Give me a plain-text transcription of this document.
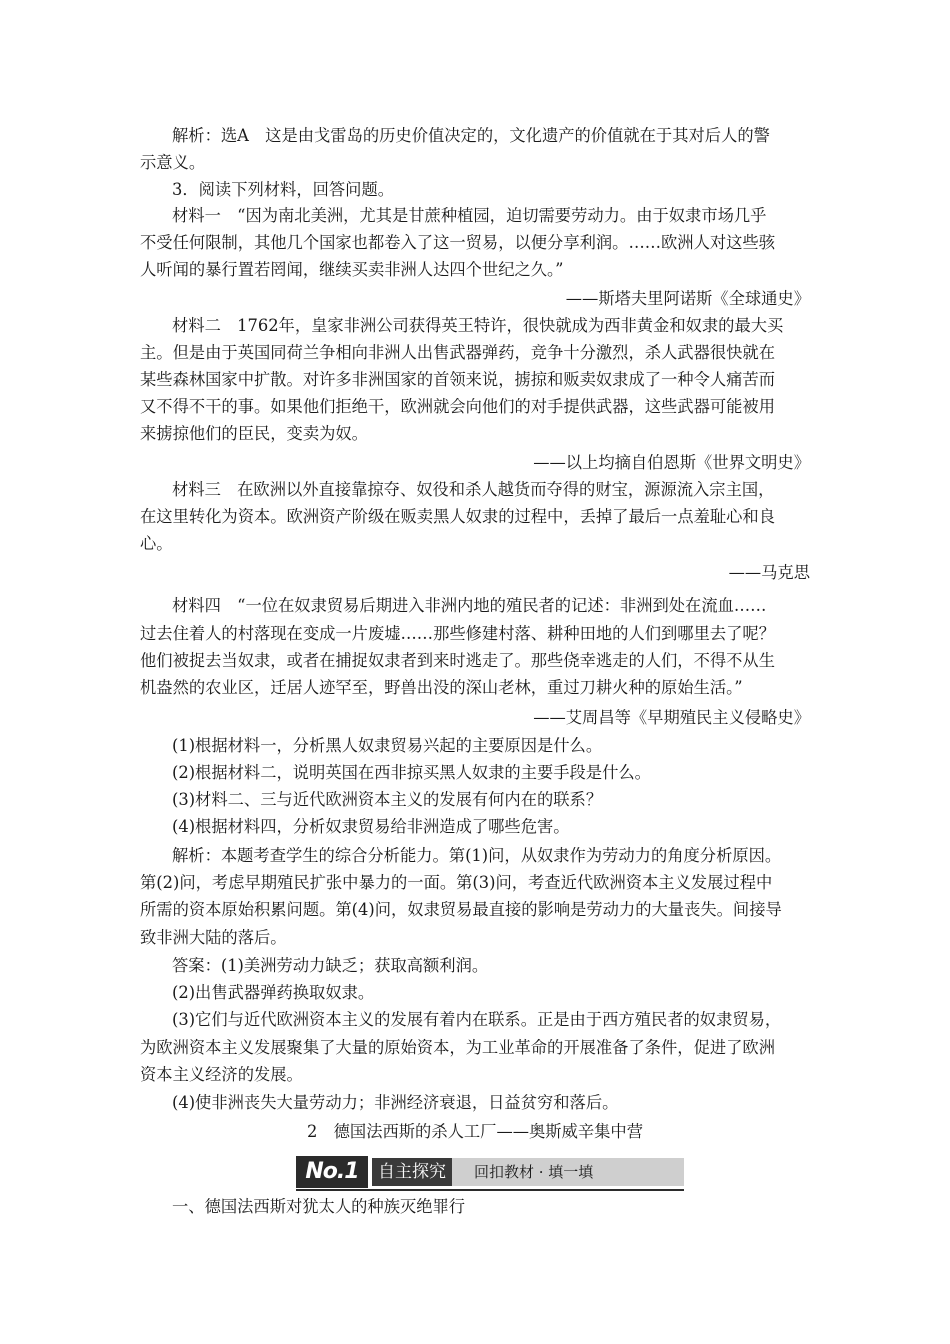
2　德国法西斯的杀人工厂——奥斯威辛集中营
No.1	自主探究	回扣教材 · 填一填
解析：选A　这是由戈雷岛的历史价值决定的，文化遗产的价值就在于其对后人的警
示意义。
3．阅读下列材料，回答问题。
材料一　“因为南北美洲，尤其是甘蔗种植园，迫切需要劳动力。由于奴隶市场几乎
不受任何限制，其他几个国家也都卷入了这一贸易，以便分享利润。……欧洲人对这些骇
人听闻的暴行置若罔闻，继续买卖非洲人达四个世纪之久。”
——斯塔夫里阿诺斯《全球通史》
材料二　1762年，皇家非洲公司获得英王特许，很快就成为西非黄金和奴隶的最大买
主。但是由于英国同荷兰争相向非洲人出售武器弹药，竞争十分激烈，杀人武器很快就在
某些森林国家中扩散。对许多非洲国家的首领来说，掳掠和贩卖奴隶成了一种令人痛苦而
又不得不干的事。如果他们拒绝干，欧洲就会向他们的对手提供武器，这些武器可能被用
来掳掠他们的臣民，变卖为奴。
——以上均摘自伯恩斯《世界文明史》
材料三　在欧洲以外直接靠掠夺、奴役和杀人越货而夺得的财宝，源源流入宗主国，
在这里转化为资本。欧洲资产阶级在贩卖黑人奴隶的过程中，丢掉了最后一点羞耻心和良
心。
——马克思
材料四　“一位在奴隶贸易后期进入非洲内地的殖民者的记述：非洲到处在流血……
过去住着人的村落现在变成一片废墟……那些修建村落、耕种田地的人们到哪里去了呢？
他们被捉去当奴隶，或者在捕捉奴隶者到来时逃走了。那些侥幸逃走的人们，不得不从生
机盎然的农业区，迁居人迹罕至，野兽出没的深山老林，重过刀耕火种的原始生活。”
——艾周昌等《早期殖民主义侵略史》
(1)根据材料一，分析黑人奴隶贸易兴起的主要原因是什么。
(2)根据材料二，说明英国在西非掠买黑人奴隶的主要手段是什么。
(3)材料二、三与近代欧洲资本主义的发展有何内在的联系？
(4)根据材料四，分析奴隶贸易给非洲造成了哪些危害。
解析：本题考查学生的综合分析能力。第(1)问，从奴隶作为劳动力的角度分析原因。
第(2)问，考虑早期殖民扩张中暴力的一面。第(3)问，考查近代欧洲资本主义发展过程中
所需的资本原始积累问题。第(4)问，奴隶贸易最直接的影响是劳动力的大量丧失。间接导
致非洲大陆的落后。
答案：(1)美洲劳动力缺乏；获取高额利润。
(2)出售武器弹药换取奴隶。
(3)它们与近代欧洲资本主义的发展有着内在联系。正是由于西方殖民者的奴隶贸易，
为欧洲资本主义发展聚集了大量的原始资本，为工业革命的开展准备了条件，促进了欧洲
资本主义经济的发展。
(4)使非洲丧失大量劳动力；非洲经济衰退，日益贫穷和落后。
一、德国法西斯对犹太人的种族灭绝罪行
